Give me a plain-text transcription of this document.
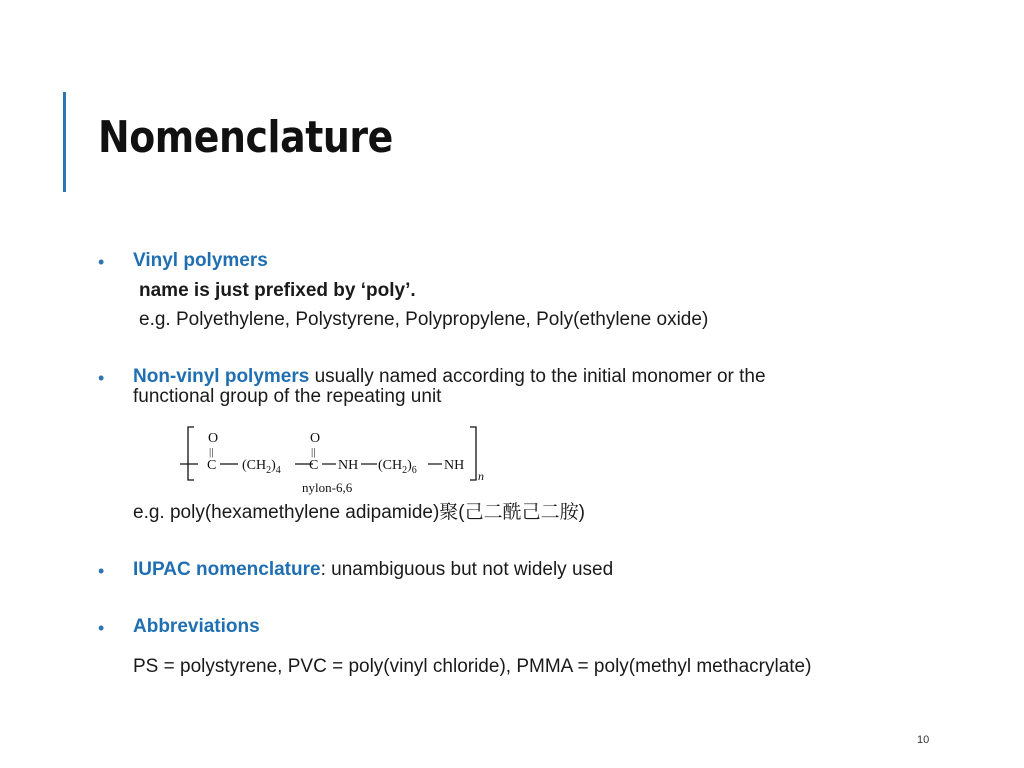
Nomenclature
• Vinyl polymers
name is just prefixed by ‘poly’.
e.g. Polyethylene, Polystyrene, Polypropylene, Poly(ethylene oxide)
• Non-vinyl polymers usually named according to the initial monomer or the
functional group of the repeating unit
O
||
C $(CH_2)_4$
O
||
C NH $(CH_2)_6$ NH
n
nylon-6,6
e.g. poly(hexamethylene adipamide)聚(己二酰己二胺)
• IUPAC nomenclature: unambiguous but not widely used
• Abbreviations
PS = polystyrene, PVC = poly(vinyl chloride), PMMA = poly(methyl methacrylate)
10
